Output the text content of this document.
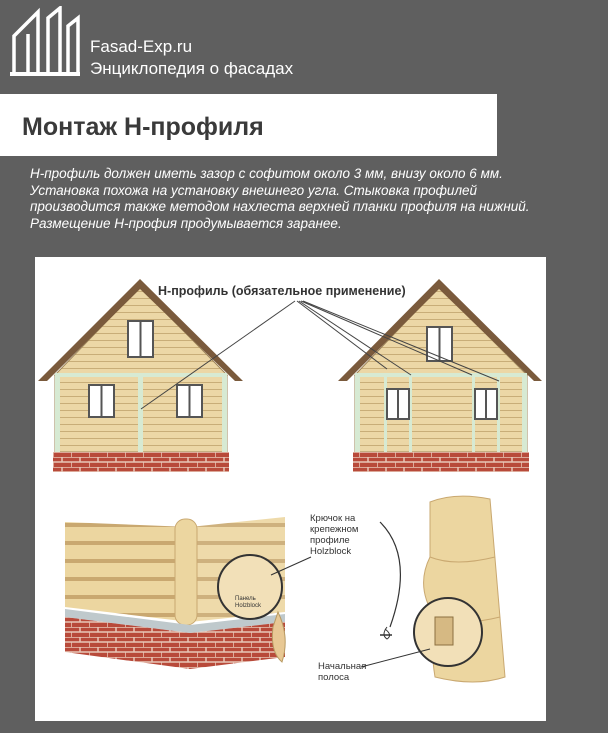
Fasad-Exp.ru
Энциклопедия о фасадах
Монтаж Н-профиля

Н-профиль должен иметь зазор с софитом около 3 мм, внизу около 6 мм. Установка похожа на установку внешнего угла. Стыковка профилей производится также методом нахлеста верхней планки профиля на нижний.

Размещение Н-профия продумывается заранее.

Н-профиль (обязательное применение)
Панель
Holzblock
Крючок на
крепежном
профиле
Holzblock
Начальная
полоса
